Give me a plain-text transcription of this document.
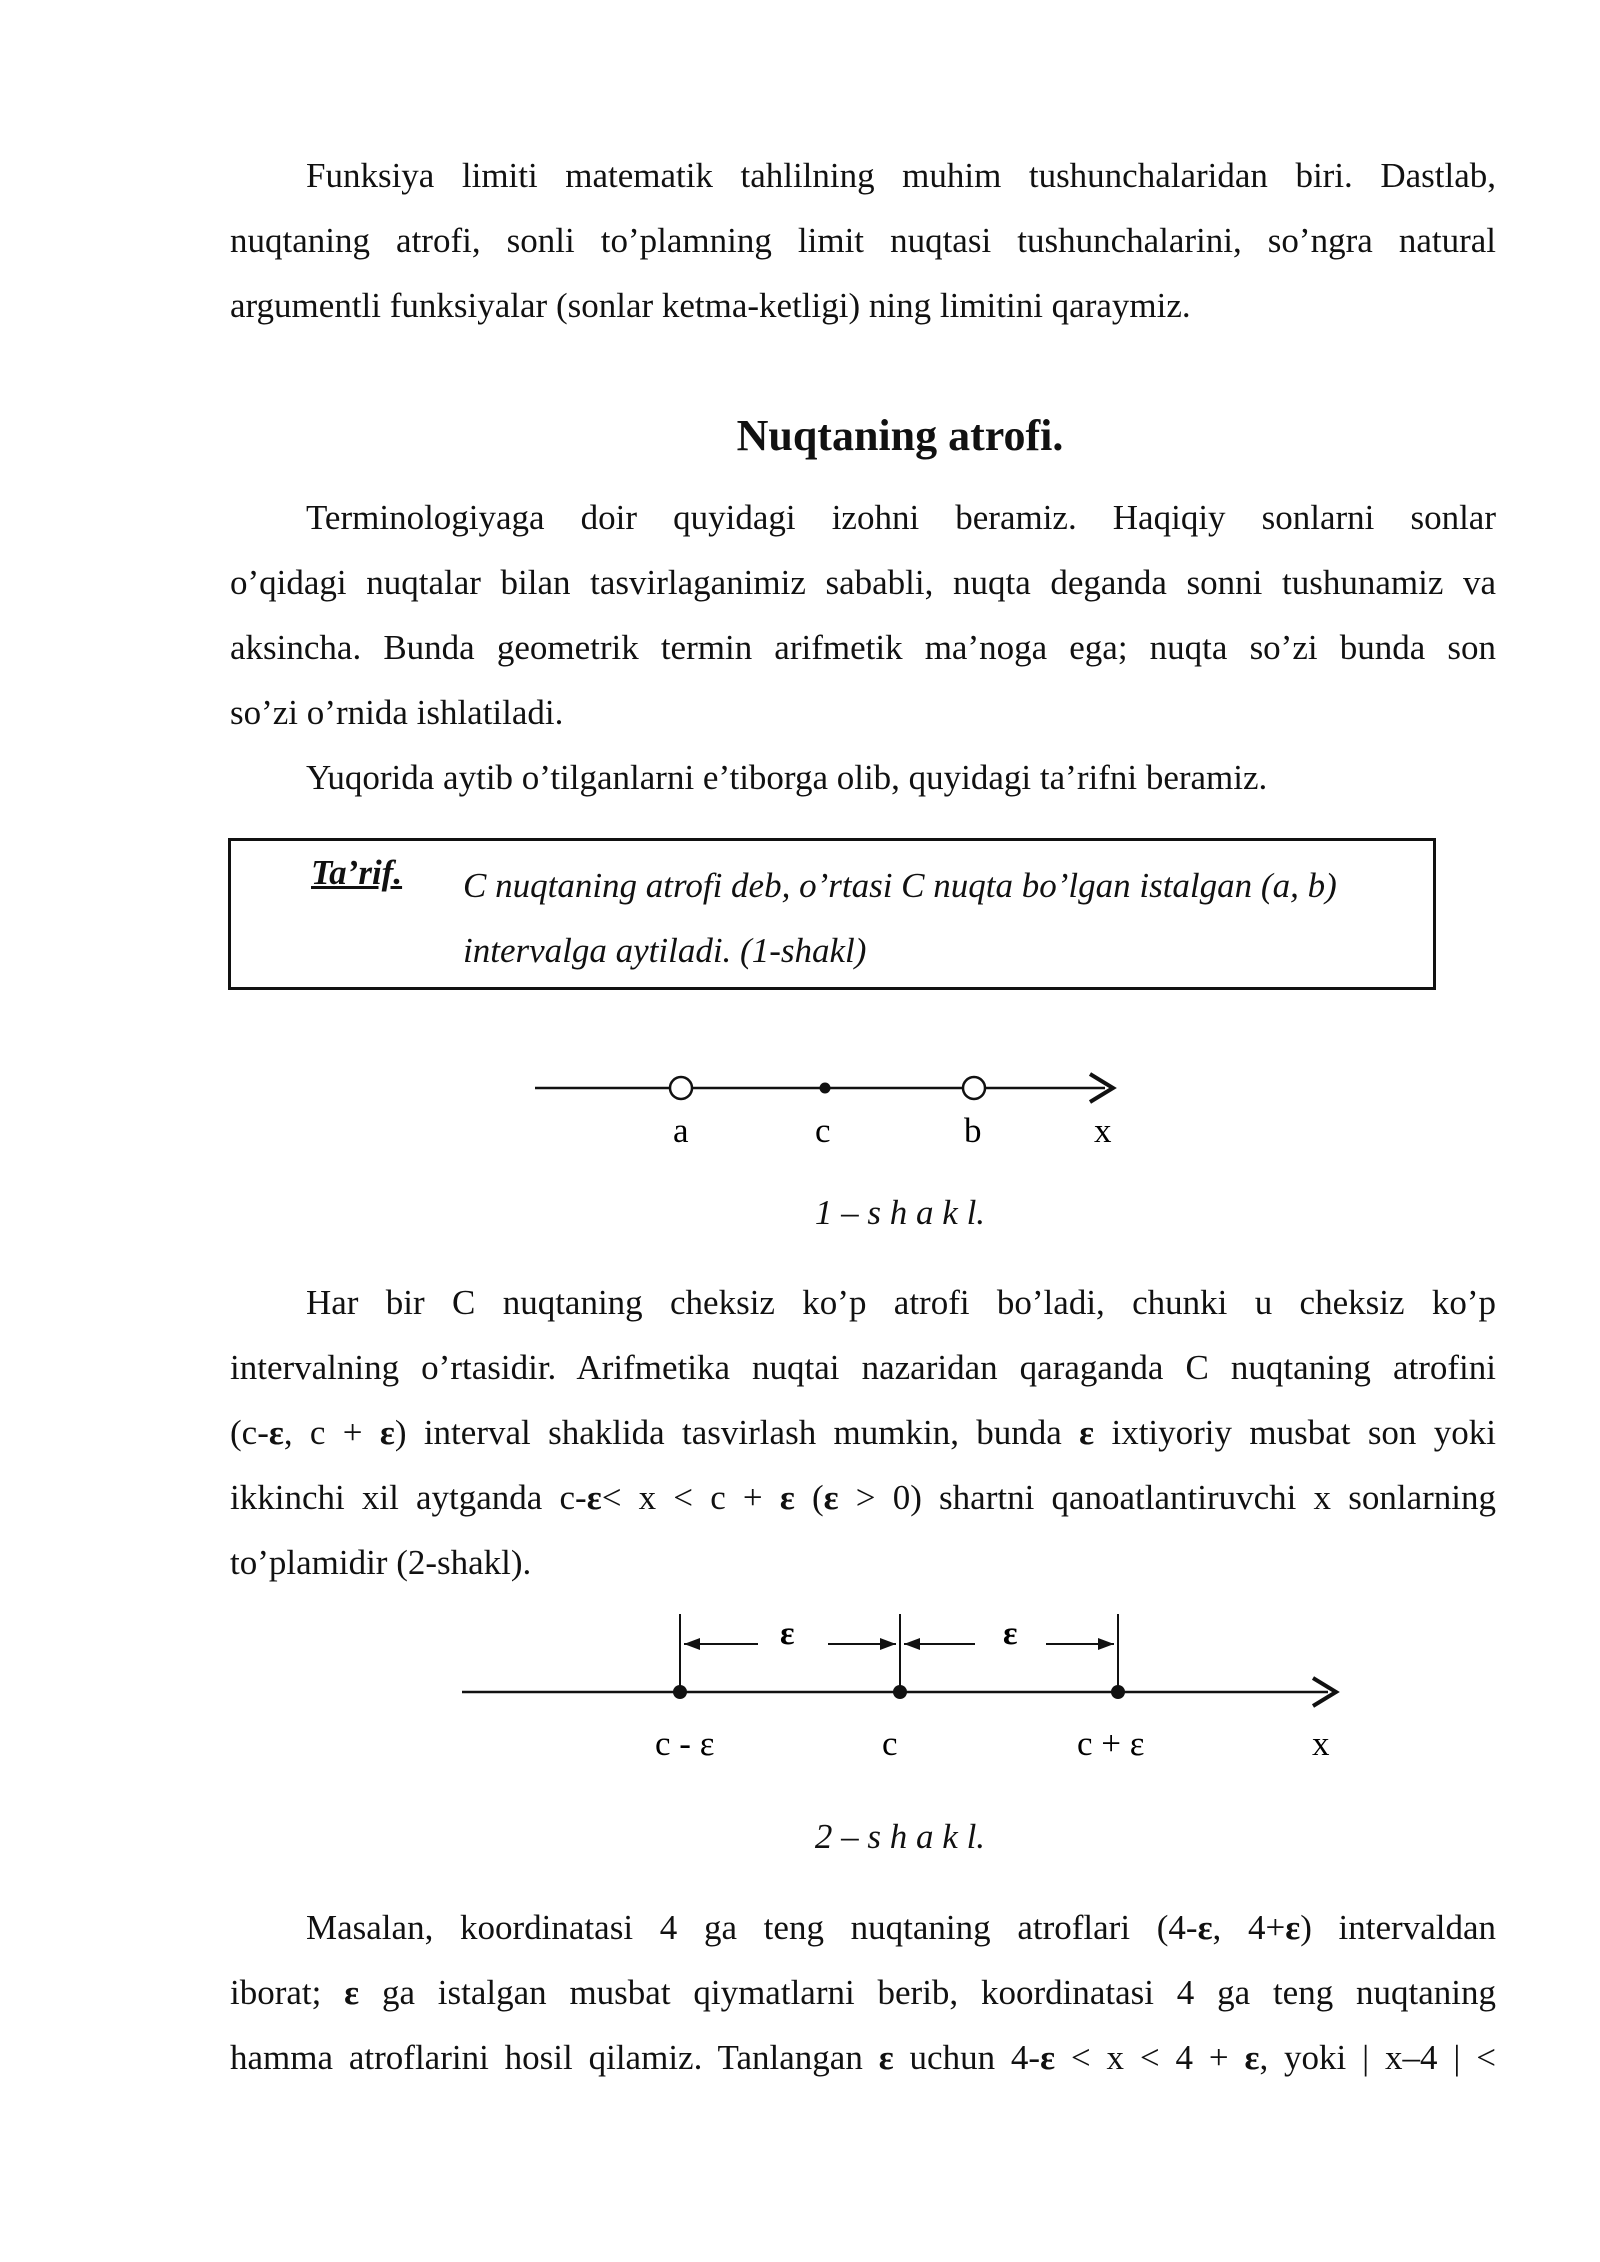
Funksiya limiti matematik tahlilning muhim tushunchalaridan biri. Dastlab,
nuqtaning atrofi, sonli to’plamning limit nuqtasi tushunchalarini, so’ngra natural
argumentli funksiyalar (sonlar ketma-ketligi) ning limitini qaraymiz.
Nuqtaning atrofi.
Terminologiyaga doir quyidagi izohni beramiz. Haqiqiy sonlarni sonlar
o’qidagi nuqtalar bilan tasvirlaganimiz sababli, nuqta deganda sonni tushunamiz va
aksincha. Bunda geometrik termin arifmetik ma’noga ega; nuqta so’zi bunda son
so’zi o’rnida ishlatiladi.
Yuqorida aytib o’tilganlarni e’tiborga olib, quyidagi ta’rifni beramiz.
Ta’rif. C nuqtaning atrofi deb, o’rtasi C nuqta bo’lgan istalgan (a, b)
intervalga aytiladi. (1-shakl)
a	c	b	x
1 – s h a k l.
Har bir C nuqtaning cheksiz ko’p atrofi bo’ladi, chunki u cheksiz ko’p
intervalning o’rtasidir. Arifmetika nuqtai nazaridan qaraganda C nuqtaning atrofini
(c-ε, c + ε) interval shaklida tasvirlash mumkin, bunda ε ixtiyoriy musbat son yoki
ikkinchi xil aytganda c-ε< x < c + ε (ε > 0) shartni qanoatlantiruvchi x sonlarning
to’plamidir (2-shakl).
ε	ε
c - ε	c	c + ε	x
2 – s h a k l.
Masalan, koordinatasi 4 ga teng nuqtaning atroflari (4-ε, 4+ε) intervaldan
iborat; ε ga istalgan musbat qiymatlarni berib, koordinatasi 4 ga teng nuqtaning
hamma atroflarini hosil qilamiz. Tanlangan ε uchun 4-ε < x < 4 + ε, yoki | x–4 | <
